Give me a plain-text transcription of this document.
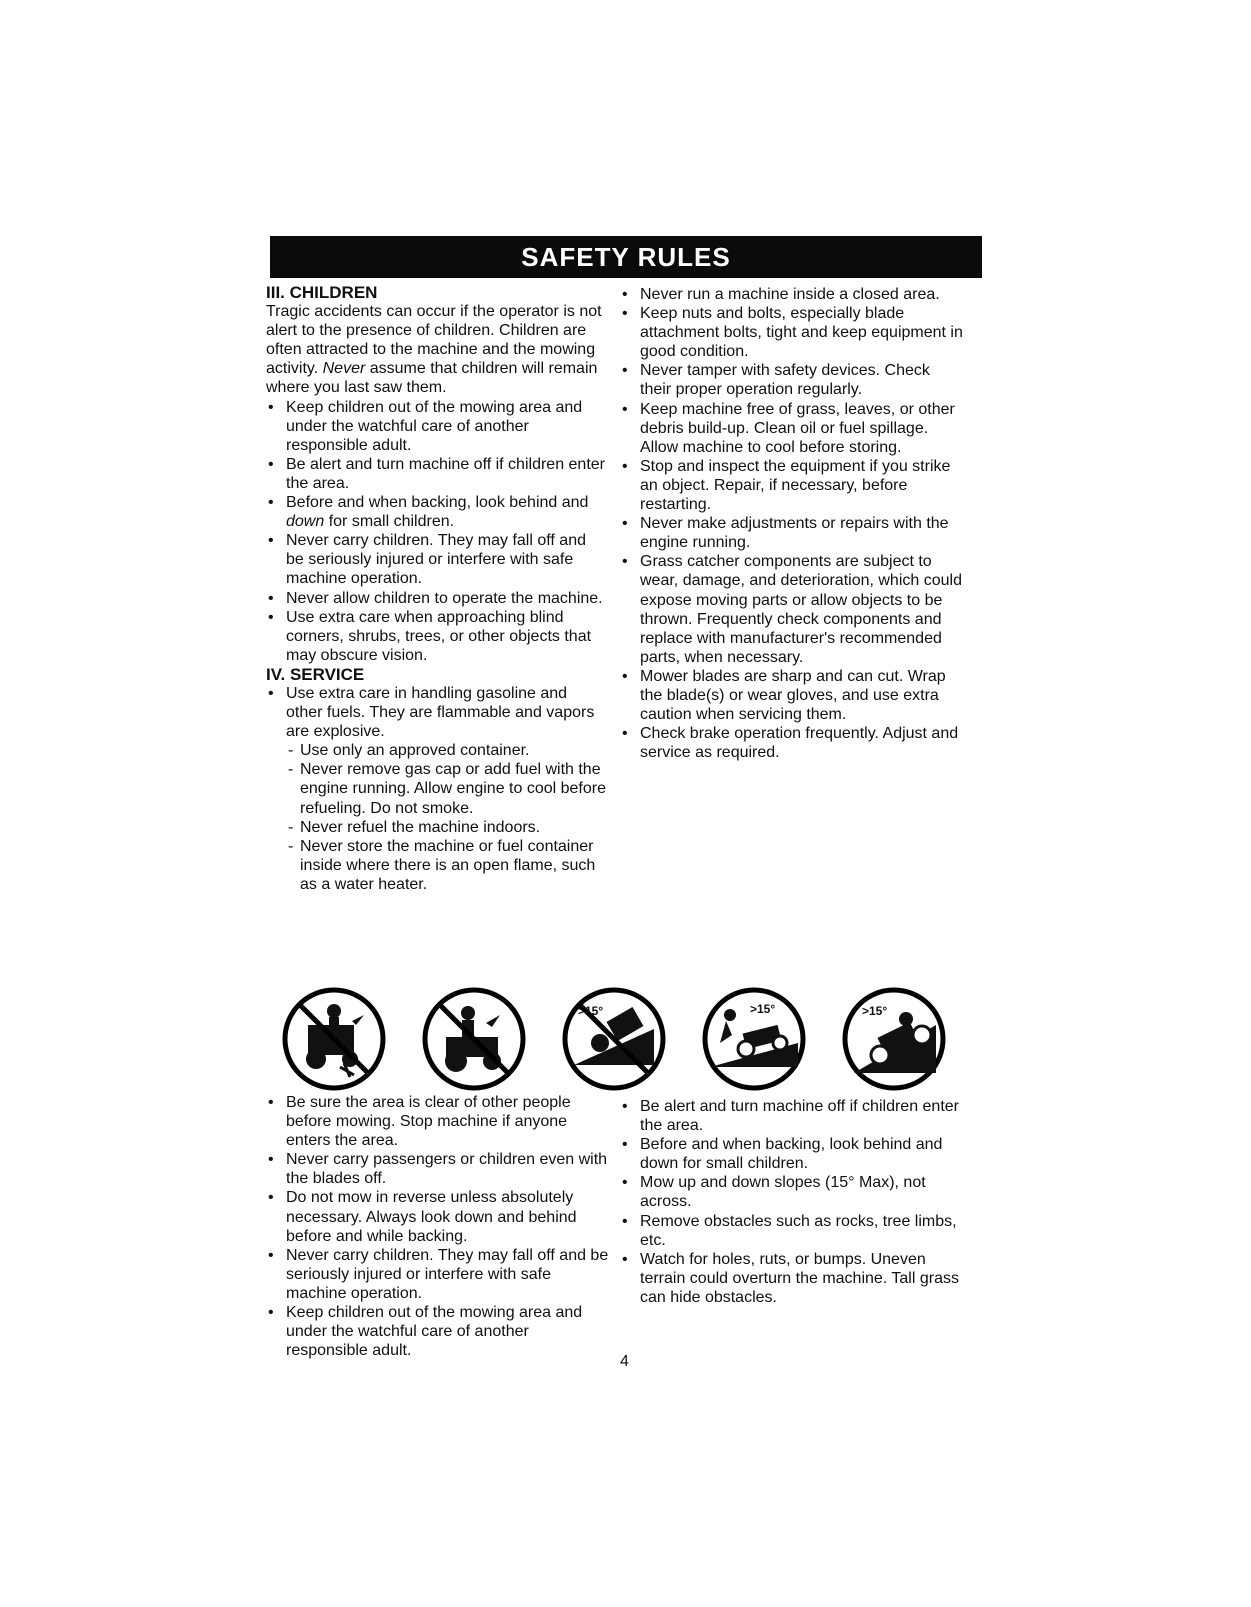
SAFETY RULES

III. CHILDREN

Tragic accidents can occur if the operator is not alert to the presence of children. Children are often attracted to the machine and the mowing activity. Never assume that children will remain where you last saw them.

• Keep children out of the mowing area and under the watchful care of another responsible adult.
• Be alert and turn machine off if children enter the area.
• Before and when backing, look behind and down for small children.
• Never carry children. They may fall off and be seriously injured or interfere with safe machine operation.
• Never allow children to operate the machine.
• Use extra care when approaching blind corners, shrubs, trees, or other objects that may obscure vision.

IV. SERVICE

• Use extra care in handling gasoline and other fuels. They are flammable and vapors are explosive.
- Use only an approved container.
- Never remove gas cap or add fuel with the engine running. Allow engine to cool before refueling. Do not smoke.
- Never refuel the machine indoors.
- Never store the machine or fuel container inside where there is an open flame, such as a water heater.
• Never run a machine inside a closed area.
• Keep nuts and bolts, especially blade attachment bolts, tight and keep equipment in good condition.
• Never tamper with safety devices. Check their proper operation regularly.
• Keep machine free of grass, leaves, or other debris build-up. Clean oil or fuel spillage. Allow machine to cool before storing.
• Stop and inspect the equipment if you strike an object. Repair, if necessary, before restarting.
• Never make adjustments or repairs with the engine running.
• Grass catcher components are subject to wear, damage, and deterioration, which could expose moving parts or allow objects to be thrown. Frequently check components and replace with manufacturer's recommended parts, when necessary.
• Mower blades are sharp and can cut. Wrap the blade(s) or wear gloves, and use extra caution when servicing them.
• Check brake operation frequently. Adjust and service as required.
>15°	>15°	>15°
• Be sure the area is clear of other people before mowing. Stop machine if anyone enters the area.
• Never carry passengers or children even with the blades off.
• Do not mow in reverse unless absolutely necessary. Always look down and behind before and while backing.
• Never carry children. They may fall off and be seriously injured or interfere with safe machine operation.
• Keep children out of the mowing area and under the watchful care of another responsible adult.
• Be alert and turn machine off if children enter the area.
• Before and when backing, look behind and down for small children.
• Mow up and down slopes (15° Max), not across.
• Remove obstacles such as rocks, tree limbs, etc.
• Watch for holes, ruts, or bumps. Uneven terrain could overturn the machine. Tall grass can hide obstacles.
4
